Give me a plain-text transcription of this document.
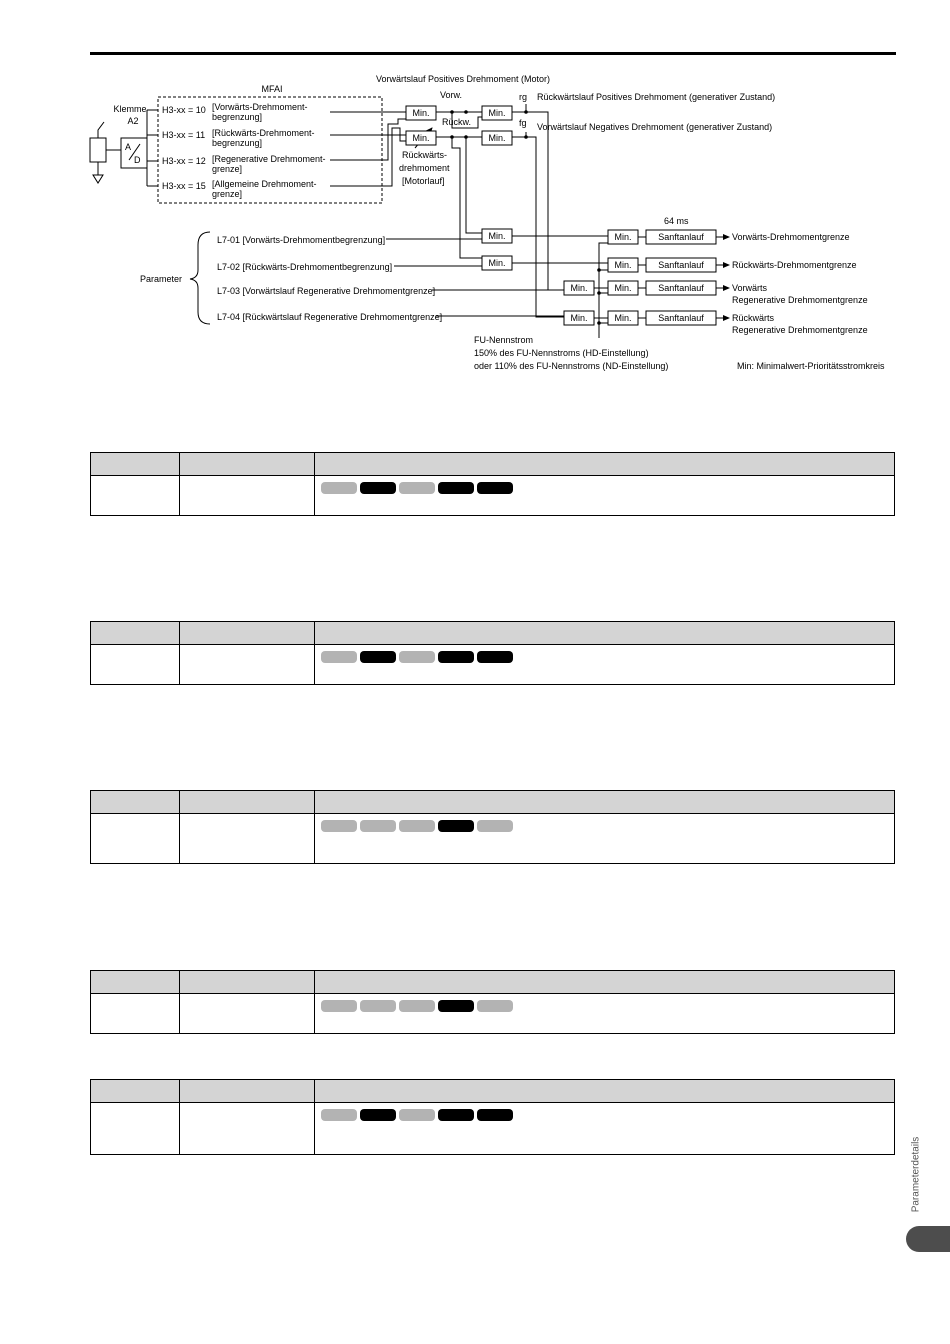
Klemme
A2
A
D
MFAI
H3-xx = 10 [Vorwärts-Drehmoment-
begrenzung]
H3-xx = 11 [Rückwärts-Drehmoment-
begrenzung]
H3-xx = 12 [Regenerative Drehmoment-
grenze]
H3-xx = 15 [Allgemeine Drehmoment-
grenze]
Vorwärtslauf Positives Drehmoment (Motor)
Vorw.
Rückw.
rg
fg
Rückwärtslauf Positives Drehmoment (generativer Zustand)
Vorwärtslauf Negatives Drehmoment (generativer Zustand)
Rückwärts-
drehmoment
[Motorlauf]
Min.
Min.
Min.
Min.
Parameter
L7-01 [Vorwärts-Drehmomentbegrenzung]
L7-02 [Rückwärts-Drehmomentbegrenzung]
L7-03 [Vorwärtslauf Regenerative Drehmomentgrenze]
L7-04 [Rückwärtslauf Regenerative Drehmomentgrenze]
Min.
Min.
Min.
Min.
FU-Nennstrom
150% des FU-Nennstroms (HD-Einstellung)
oder 110% des FU-Nennstroms (ND-Einstellung)
Min.
Min.
Min.
Min.
64 ms
Sanftanlauf
Sanftanlauf
Sanftanlauf
Sanftanlauf
Vorwärts-Drehmomentgrenze
Rückwärts-Drehmomentgrenze
Vorwärts
Regenerative Drehmomentgrenze
Rückwärts
Regenerative Drehmomentgrenze
Min: Minimalwert-Prioritätsstromkreis

Parameterdetails
